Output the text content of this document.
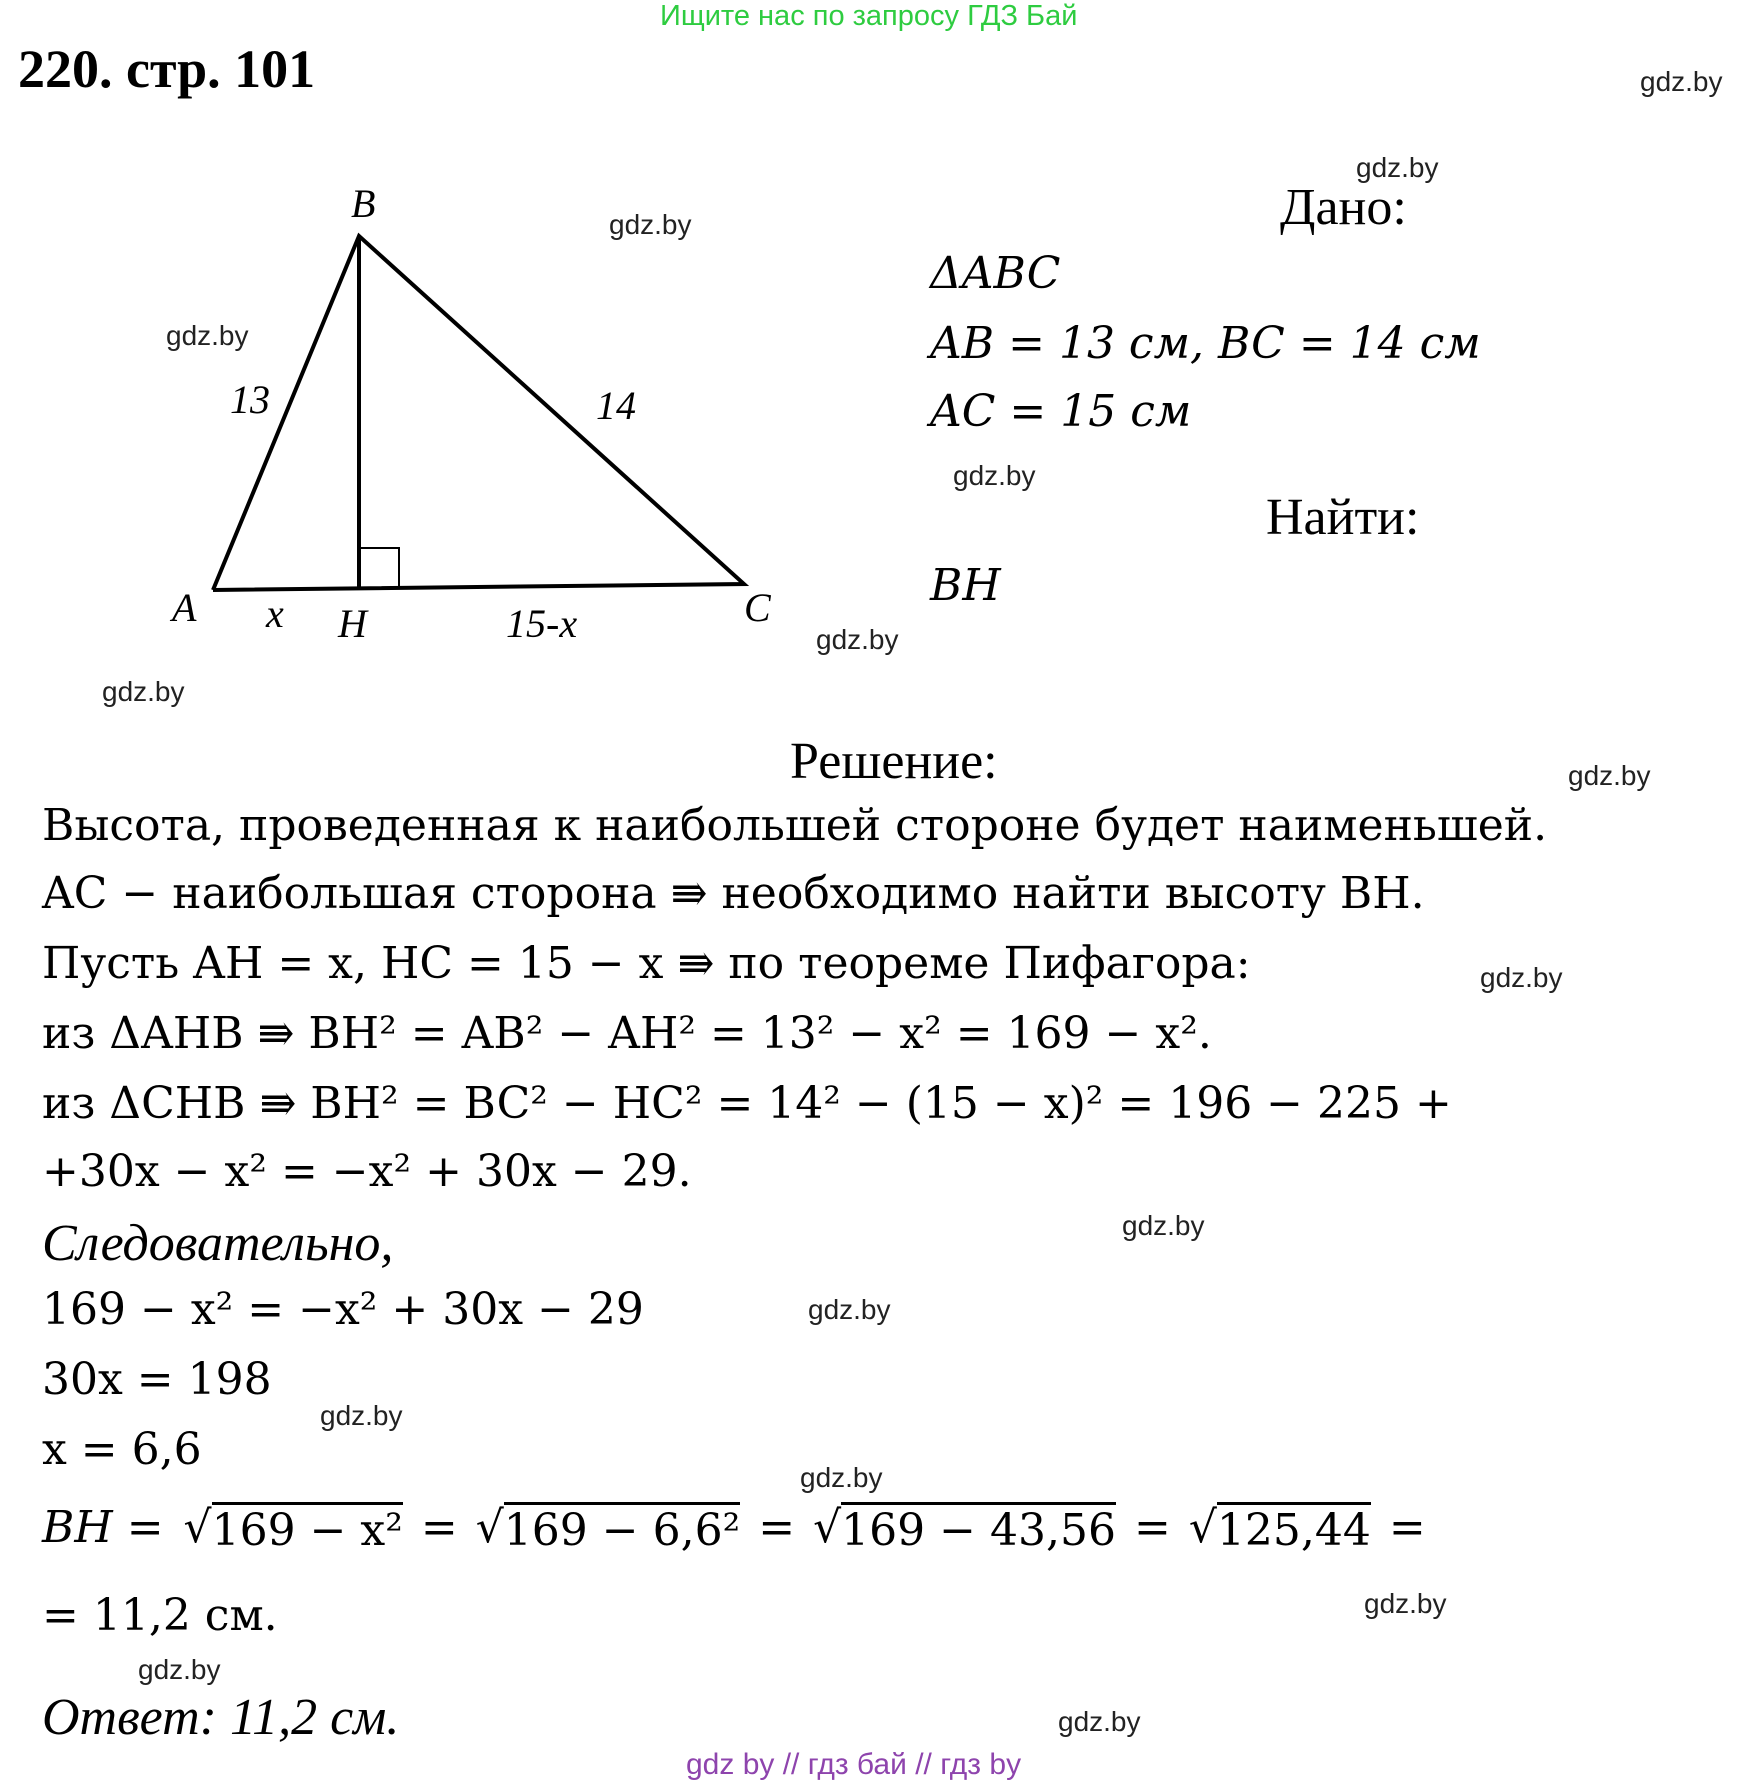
Ищите нас по запросу ГДЗ Бай
220. стр. 101	gdz.by
gdz.by
gdz.by
gdz.by
gdz.by
gdz.by
gdz.by
gdz.by
gdz.by
gdz.by
gdz.by
gdz.by
gdz.by
gdz.by
gdz.by
gdz.by
B
A	H	C
13	14
x	15-x
Дано:
ΔABC
AB = 13 см, BC = 14 см
AC = 15 см
Найти:
BH
Решение:
Высота, проведенная к наибольшей стороне будет наименьшей.
AC − наибольшая сторона ⇛ необходимо найти высоту BH.
Пусть AH = x, HC = 15 − x ⇛ по теореме Пифагора:
из ΔAHB ⇛ BH² = AB² − AH² = 13² − x² = 169 − x².
из ΔCHB ⇛ BH² = BC² − HC² = 14² − (15 − x)² = 196 − 225 +
+30x − x² = −x² + 30x − 29.
Следовательно,
169 − x² = −x² + 30x − 29
30x = 198
x = 6,6
BH = √ 169 − x² = √ 169 − 6,6² = √ 169 − 43,56 = √ 125,44 =
= 11,2 см.
Ответ: 11,2 см.
gdz by // гдз бай // гдз by
